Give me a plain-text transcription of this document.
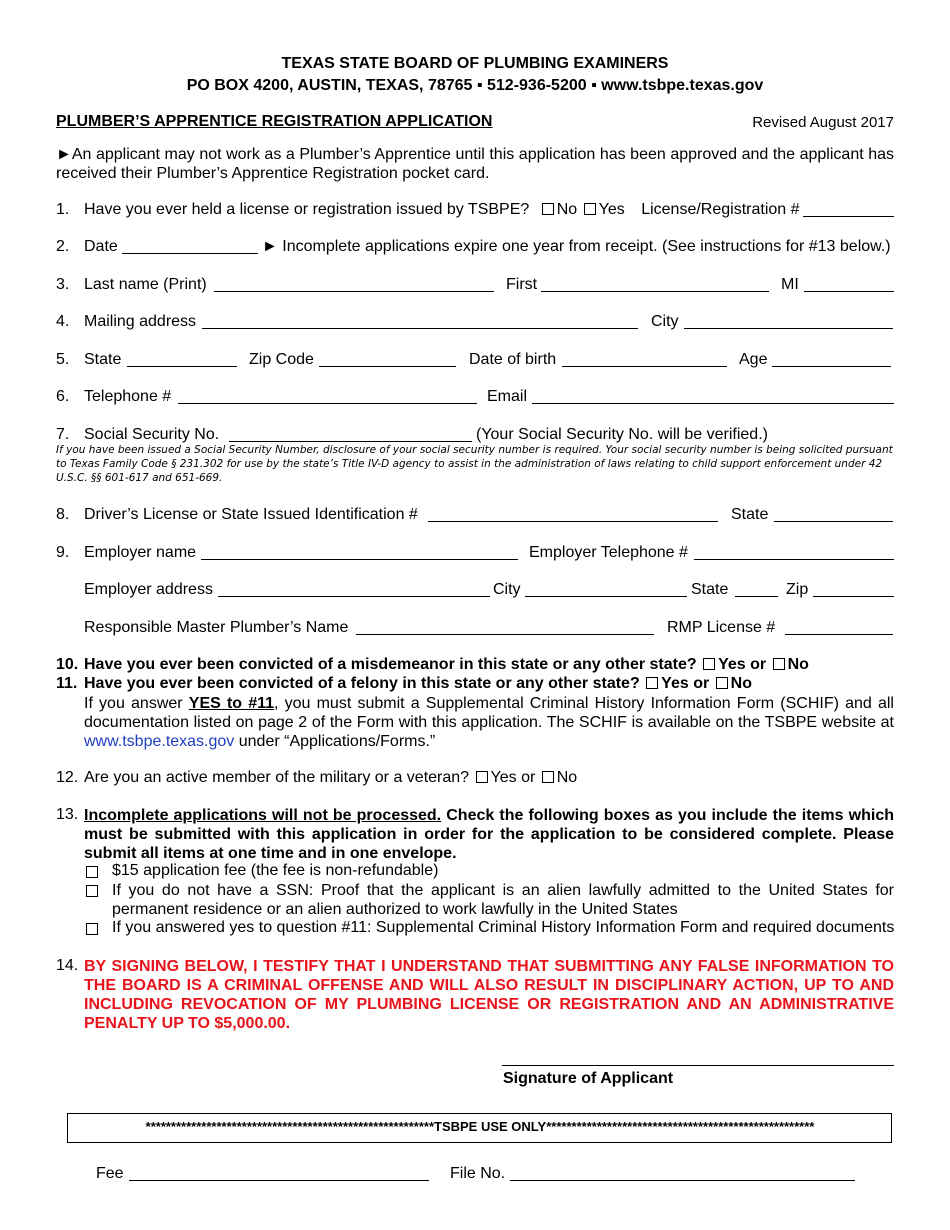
TEXAS STATE BOARD OF PLUMBING EXAMINERS
PO BOX 4200, AUSTIN, TEXAS, 78765 ▪ 512-936-5200 ▪ www.tsbpe.texas.gov
PLUMBER’S APPRENTICE REGISTRATION APPLICATION	Revised August 2017
►An applicant may not work as a Plumber’s Apprentice until this application has been approved and the applicant has received their Plumber’s Apprentice Registration pocket card.
1. Have you ever held a license or registration issued by TSBPE? No Yes License/Registration #
2. Date	► Incomplete applications expire one year from receipt. (See instructions for #13 below.)
3. Last name (Print)	First	MI
4. Mailing address	City
5. State	Zip Code	Date of birth	Age
6. Telephone #	Email
7. Social Security No.	(Your Social Security No. will be verified.)
If you have been issued a Social Security Number, disclosure of your social security number is required. Your social security number is being solicited pursuant to Texas Family Code § 231.302 for use by the state’s Title IV-D agency to assist in the administration of laws relating to child support enforcement under 42 U.S.C. §§ 601-617 and 651-669.
8. Driver’s License or State Issued Identification #	State
9. Employer name	Employer Telephone #
Employer address	City	State	Zip
Responsible Master Plumber’s Name	RMP License #
10. Have you ever been convicted of a misdemeanor in this state or any other state? Yes or No
11. Have you ever been convicted of a felony in this state or any other state? Yes or No
If you answer YES to #11, you must submit a Supplemental Criminal History Information Form (SCHIF) and all documentation listed on page 2 of the Form with this application. The SCHIF is available on the TSBPE website at www.tsbpe.texas.gov under “Applications/Forms.”
12. Are you an active member of the military or a veteran? Yes or No
13. Incomplete applications will not be processed. Check the following boxes as you include the items which must be submitted with this application in order for the application to be considered complete. Please submit all items at one time and in one envelope.
$15 application fee (the fee is non-refundable)
If you do not have a SSN: Proof that the applicant is an alien lawfully admitted to the United States for permanent residence or an alien authorized to work lawfully in the United States
If you answered yes to question #11: Supplemental Criminal History Information Form and required documents
14. BY SIGNING BELOW, I TESTIFY THAT I UNDERSTAND THAT SUBMITTING ANY FALSE INFORMATION TO THE BOARD IS A CRIMINAL OFFENSE AND WILL ALSO RESULT IN DISCIPLINARY ACTION, UP TO AND INCLUDING REVOCATION OF MY PLUMBING LICENSE OR REGISTRATION AND AN ADMINISTRATIVE PENALTY UP TO $5,000.00.
Signature of Applicant
*********************************************************TSBPE USE ONLY*****************************************************
Fee	File No.
